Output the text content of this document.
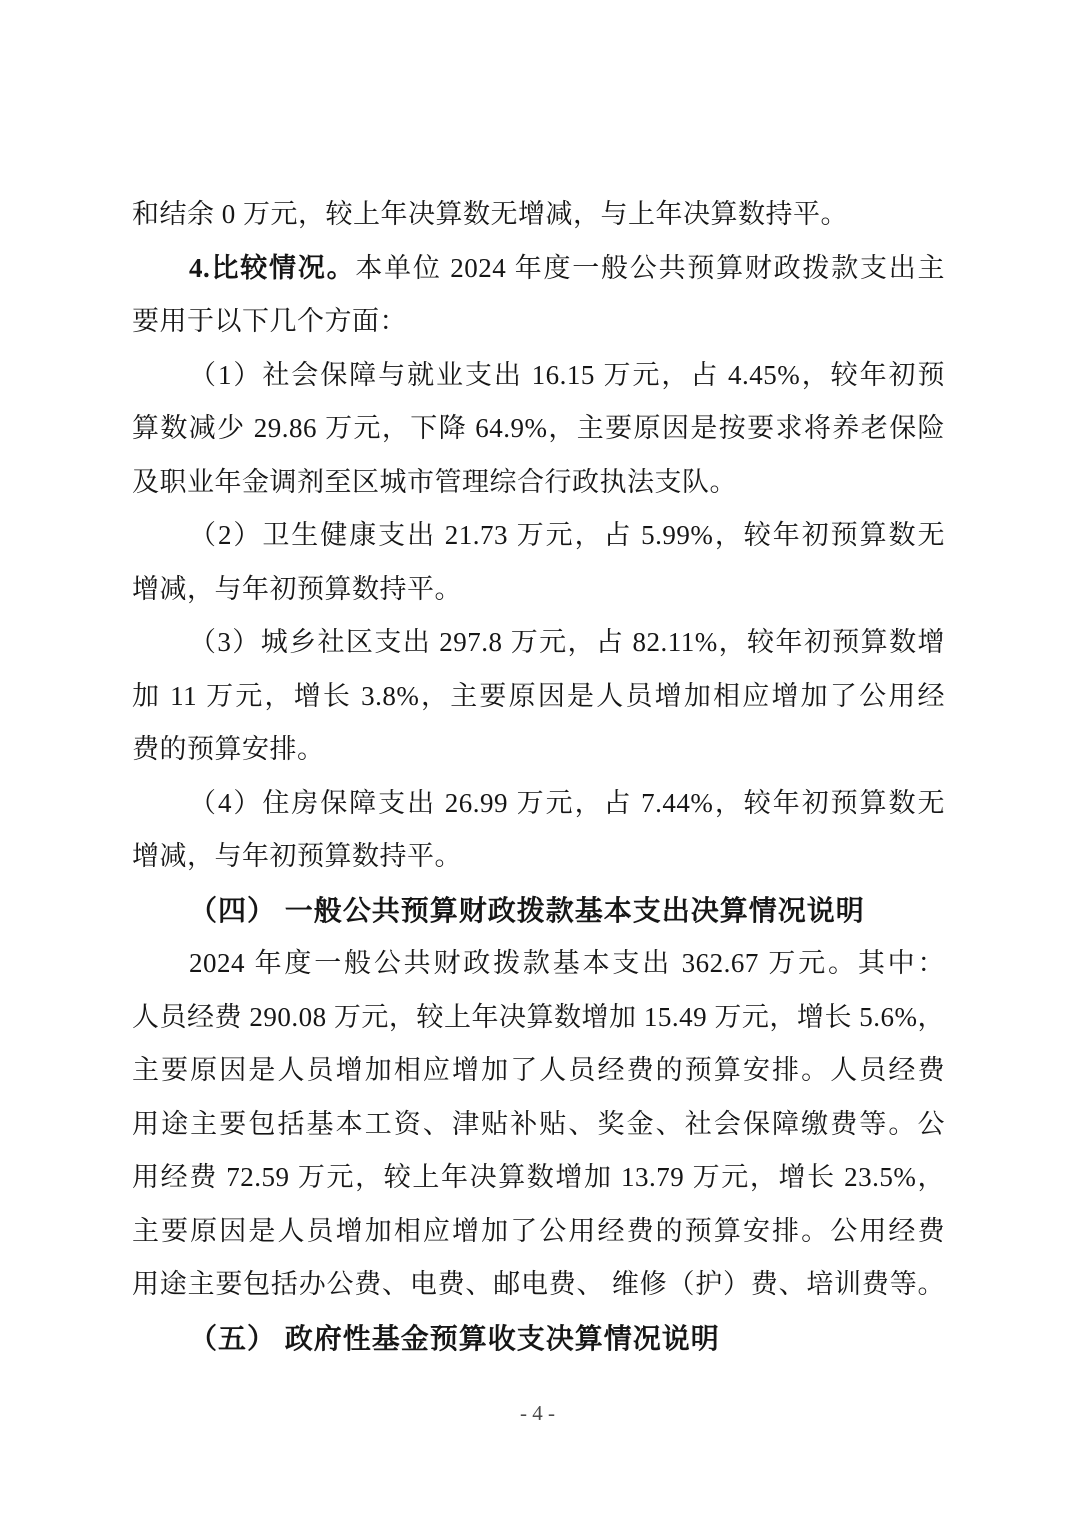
和结余 0 万元，较上年决算数无增减，与上年决算数持平。
4.比较情况。本单位 2024 年度一般公共预算财政拨款支出主
要用于以下几个方面：
（1）社会保障与就业支出 16.15 万元，占 4.45%，较年初预
算数减少 29.86 万元，下降 64.9%，主要原因是按要求将养老保险
及职业年金调剂至区城市管理综合行政执法支队。
（2）卫生健康支出 21.73 万元，占 5.99%，较年初预算数无
增减，与年初预算数持平。
（3）城乡社区支出 297.8 万元，占 82.11%，较年初预算数增
加 11 万元，增长 3.8%，主要原因是人员增加相应增加了公用经
费的预算安排。
（4）住房保障支出 26.99 万元，占 7.44%，较年初预算数无
增减，与年初预算数持平。
（四） 一般公共预算财政拨款基本支出决算情况说明
2024 年度一般公共财政拨款基本支出 362.67 万元。其中：
人员经费 290.08 万元，较上年决算数增加 15.49 万元，增长 5.6%，
主要原因是人员增加相应增加了人员经费的预算安排。人员经费
用途主要包括基本工资、津贴补贴、奖金、社会保障缴费等。公
用经费 72.59 万元，较上年决算数增加 13.79 万元，增长 23.5%，
主要原因是人员增加相应增加了公用经费的预算安排。公用经费
用途主要包括办公费、电费、邮电费、 维修（护）费、培训费等。
（五） 政府性基金预算收支决算情况说明
- 4 -
